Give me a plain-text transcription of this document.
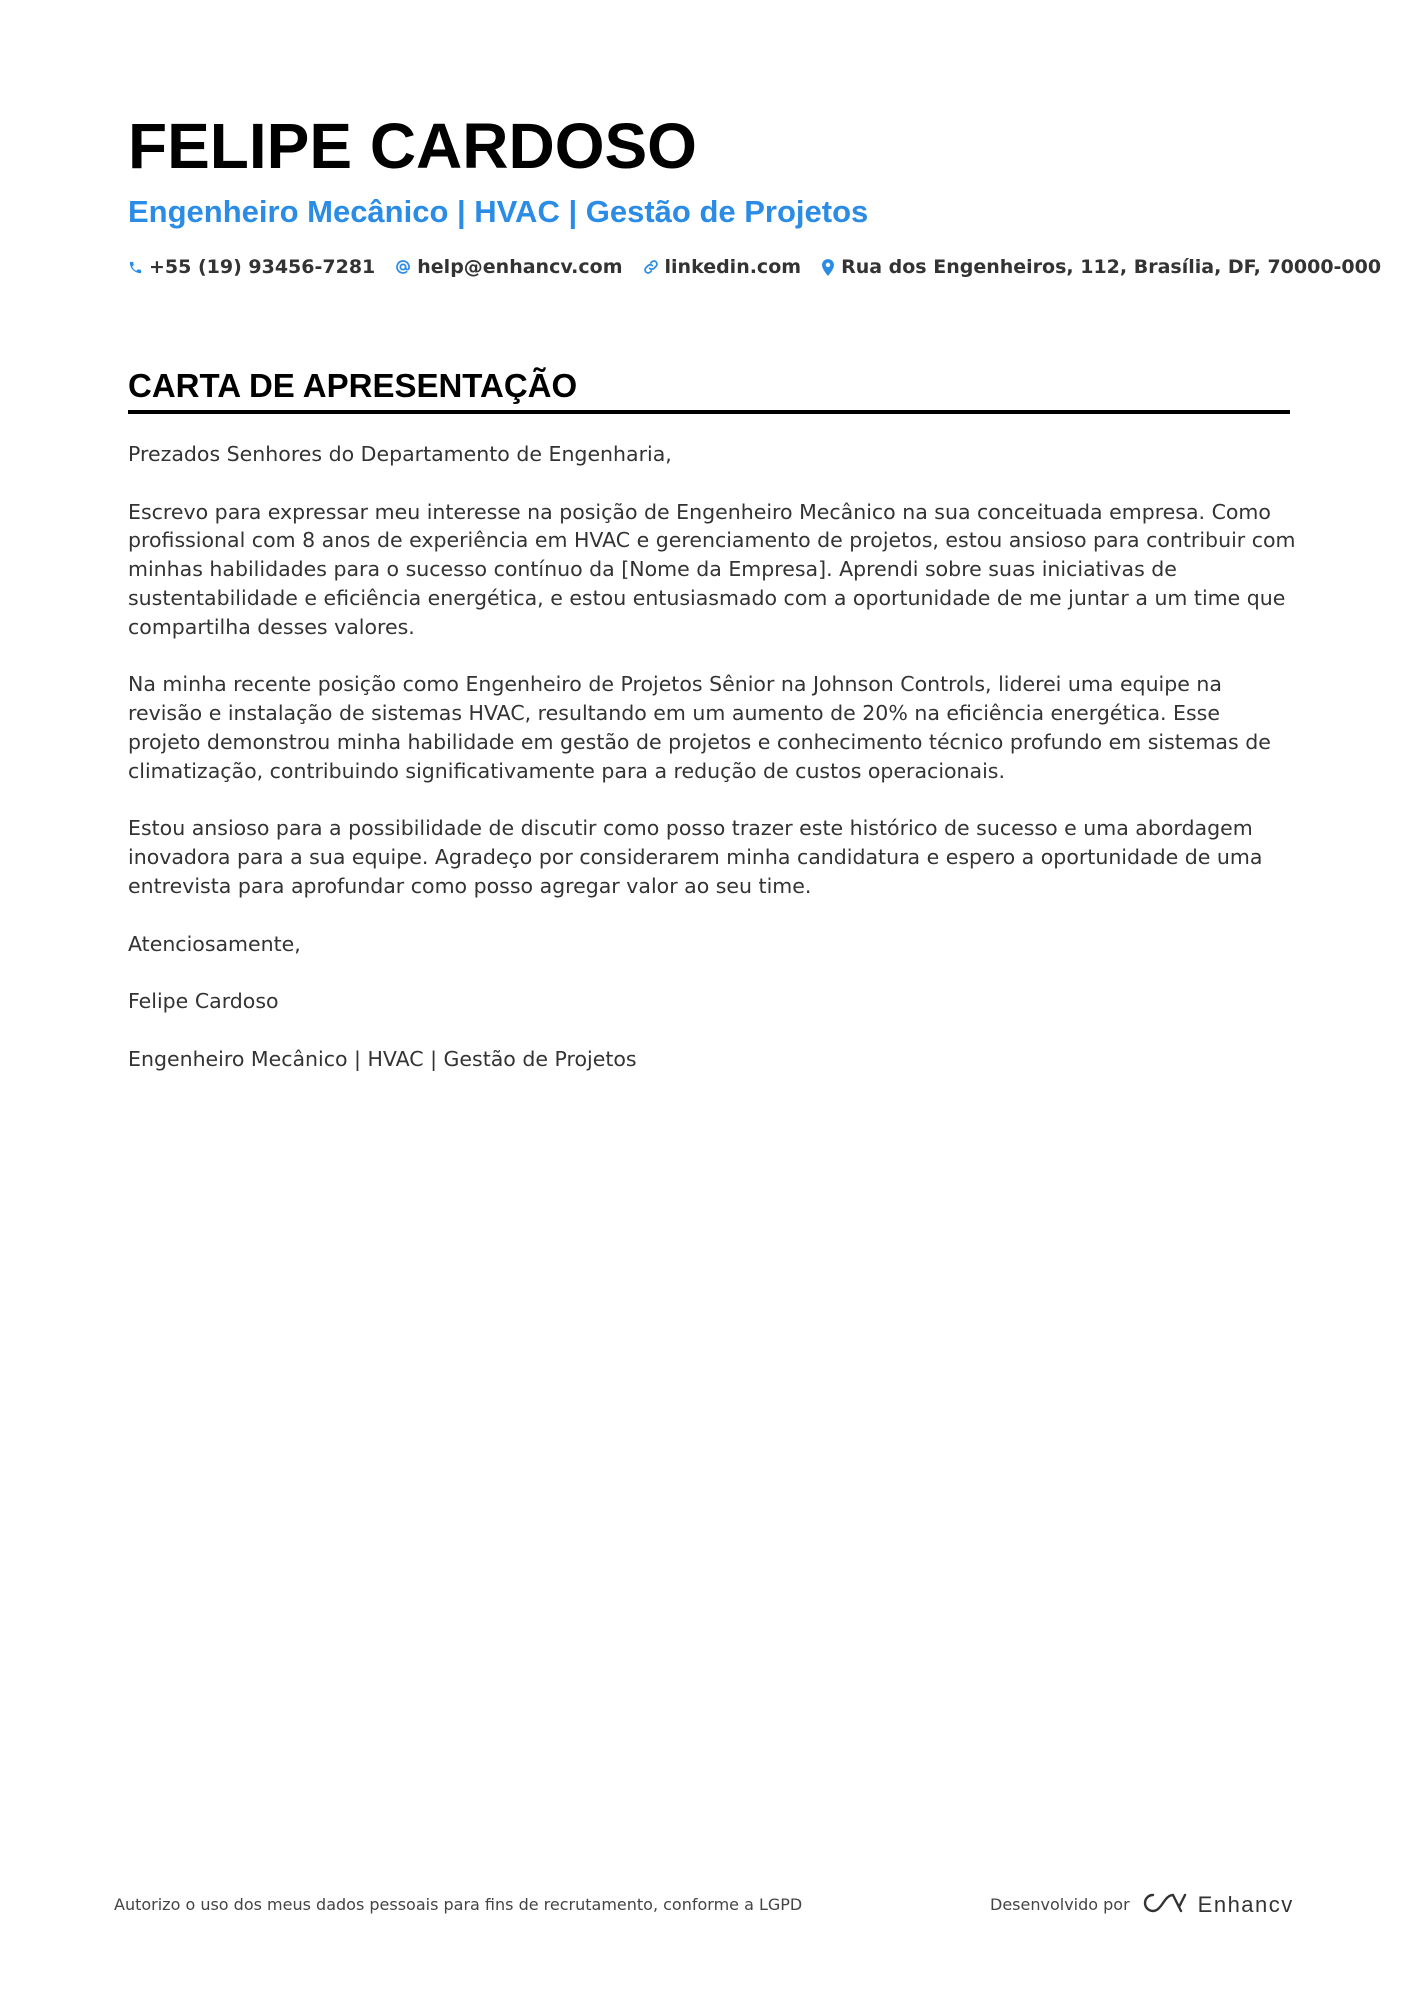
FELIPE CARDOSO
Engenheiro Mecânico | HVAC | Gestão de Projetos
+55 (19) 93456-7281 help@enhancv.com linkedin.com Rua dos Engenheiros, 112, Brasília, DF, 70000-000
CARTA DE APRESENTAÇÃO

Prezados Senhores do Departamento de Engenharia,

Escrevo para expressar meu interesse na posição de Engenheiro Mecânico na sua conceituada empresa. Como profissional com 8 anos de experiência em HVAC e gerenciamento de projetos, estou ansioso para contribuir com minhas habilidades para o sucesso contínuo da [Nome da Empresa]. Aprendi sobre suas iniciativas de sustentabilidade e eficiência energética, e estou entusiasmado com a oportunidade de me juntar a um time que compartilha desses valores.

Na minha recente posição como Engenheiro de Projetos Sênior na Johnson Controls, liderei uma equipe na revisão e instalação de sistemas HVAC, resultando em um aumento de 20% na eficiência energética. Esse projeto demonstrou minha habilidade em gestão de projetos e conhecimento técnico profundo em sistemas de climatização, contribuindo significativamente para a redução de custos operacionais.

Estou ansioso para a possibilidade de discutir como posso trazer este histórico de sucesso e uma abordagem inovadora para a sua equipe. Agradeço por considerarem minha candidatura e espero a oportunidade de uma entrevista para aprofundar como posso agregar valor ao seu time.

Atenciosamente,

Felipe Cardoso

Engenheiro Mecânico | HVAC | Gestão de Projetos

Autorizo o uso dos meus dados pessoais para fins de recrutamento, conforme a LGPD	Desenvolvido por	Enhancv
